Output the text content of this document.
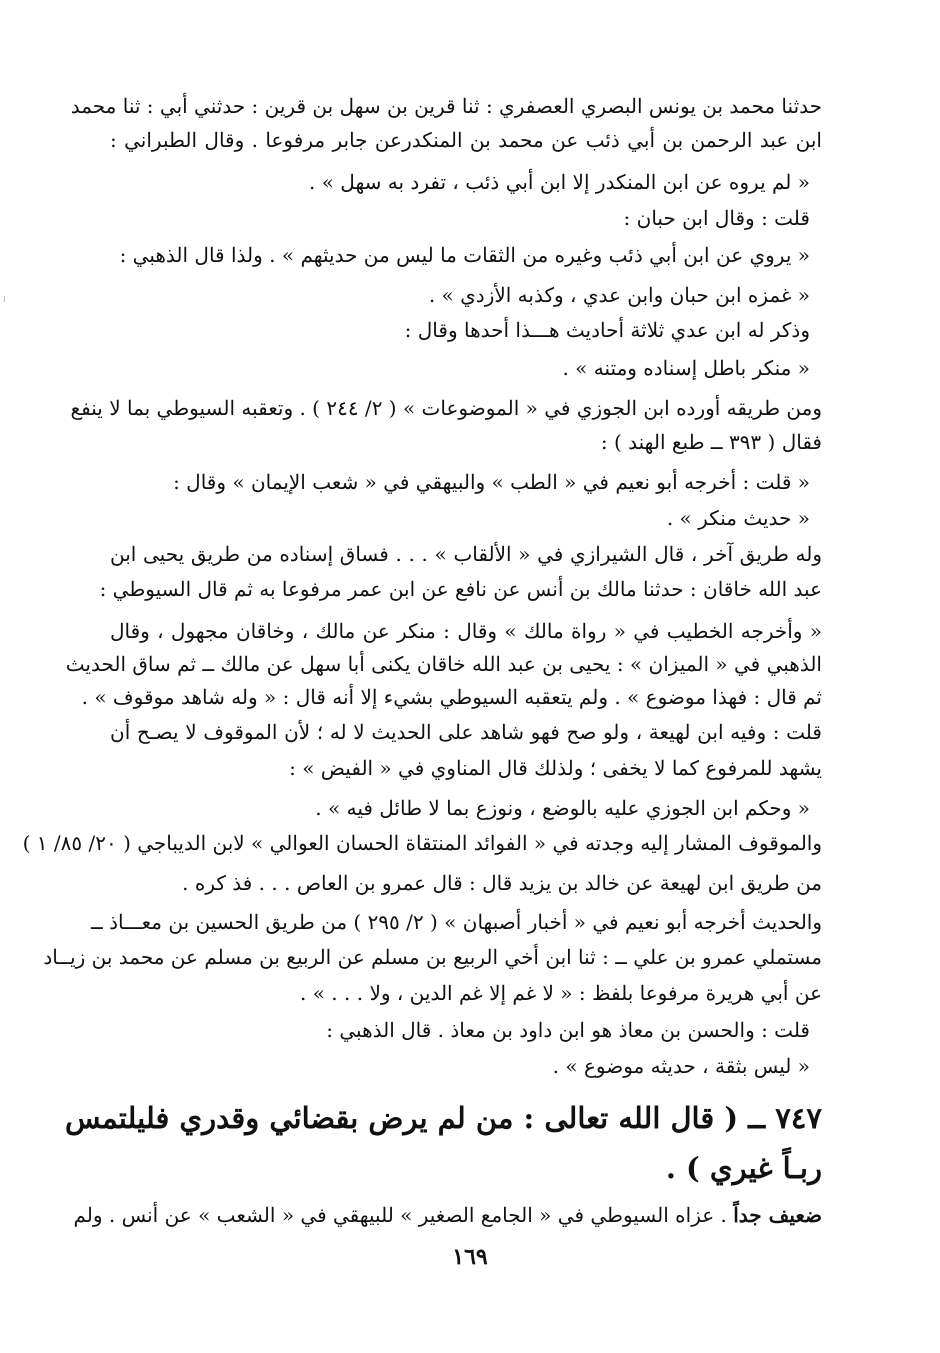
حدثنا محمد بن يونس البصري العصفري : ثنا قرين بن سهل بن قرين : حدثني أبي : ثنا محمد
ابن عبد الرحمن بن أبي ذئب عن محمد بن المنكدرعن جابر مرفوعا . وقال الطبراني :
« لم يروه عن ابن المنكدر إلا ابن أبي ذئب ، تفرد به سهل » .
قلت : وقال ابن حبان :
« يروي عن ابن أبي ذئب وغيره من الثقات ما ليس من حديثهم » . ولذا قال الذهبي :
« غمزه ابن حبان وابن عدي ، وكذبه الأزدي » .
وذكر له ابن عدي ثلاثة أحاديث هـــذا أحدها وقال :
« منكر باطل إسناده ومتنه » .
ومن طريقه أورده ابن الجوزي في « الموضوعات » ( ٢/ ٢٤٤ ) . وتعقبه السيوطي بما لا ينفع
فقال ( ٣٩٣ ــ طبع الهند ) :
« قلت : أخرجه أبو نعيم في « الطب » والبيهقي في « شعب الإيمان » وقال :
« حديث منكر » .
وله طريق آخر ، قال الشيرازي في « الألقاب » . . . فساق إسناده من طريق يحيى ابن
عبد الله خاقان : حدثنا مالك بن أنس عن نافع عن ابن عمر مرفوعا به ثم قال السيوطي :
« وأخرجه الخطيب في « رواة مالك » وقال : منكر عن مالك ، وخاقان مجهول ، وقال
الذهبي في « الميزان » : يحيى بن عبد الله خاقان يكنى أبا سهل عن مالك ــ ثم ساق الحديث
ثم قال : فهذا موضوع » . ولم يتعقبه السيوطي بشيء إلا أنه قال : « وله شاهد موقوف » .
قلت : وفيه ابن لهيعة ، ولو صح فهو شاهد على الحديث لا له ؛ لأن الموقوف لا يصـح أن
يشهد للمرفوع كما لا يخفى ؛ ولذلك قال المناوي في « الفيض » :
« وحكم ابن الجوزي عليه بالوضع ، ونوزع بما لا طائل فيه » .
والموقوف المشار إليه وجدته في « الفوائد المنتقاة الحسان العوالي » لابن الديباجي ( ٢٠/ ٨٥/ ١ )
من طريق ابن لهيعة عن خالد بن يزيد قال : قال عمرو بن العاص . . . فذ كره .
والحديث أخرجه أبو نعيم في « أخبار أصبهان » ( ٢/ ٢٩٥ ) من طريق الحسين بن معـــاذ ــ
مستملي عمرو بن علي ــ : ثنا ابن أخي الربيع بن مسلم عن الربيع بن مسلم عن محمد بن زيــاد
عن أبي هريرة مرفوعا بلفظ : « لا غم إلا غم الدين ، ولا . . . » .
قلت : والحسن بن معاذ هو ابن داود بن معاذ . قال الذهبي :
« ليس بثقة ، حديثه موضوع » .
٧٤٧ ــ ( قال الله تعالى : من لم يرض بقضائي وقدري فليلتمس
ربـاً غيري ) .
ضعيف جداً . عزاه السيوطي في « الجامع الصغير » للبيهقي في « الشعب » عن أنس . ولم
١٦٩
